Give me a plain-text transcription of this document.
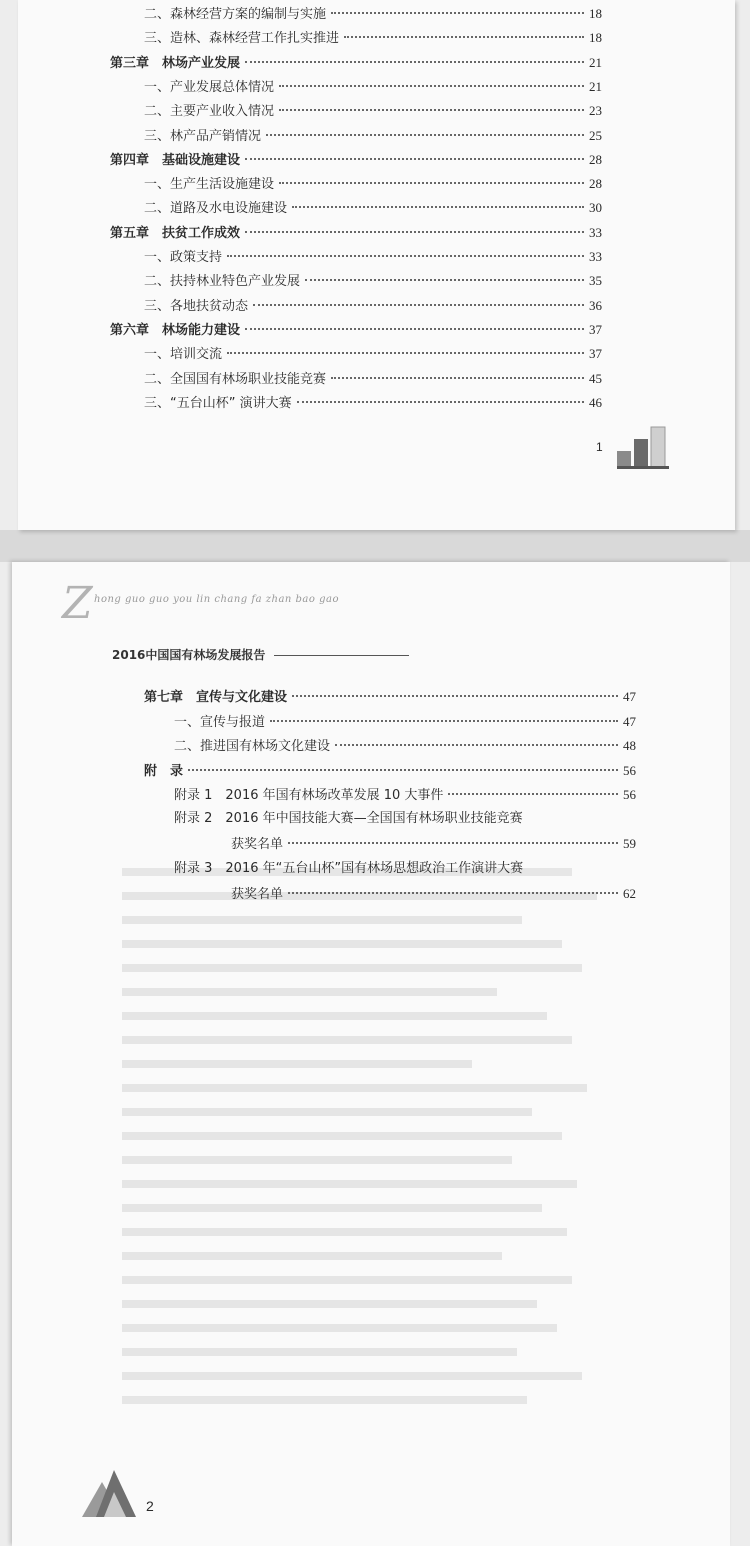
二、森林经营方案的编制与实施	18
三、造林、森林经营工作扎实推进	18
第三章　林场产业发展	21
一、产业发展总体情况	21
二、主要产业收入情况	23
三、林产品产销情况	25
第四章　基础设施建设	28
一、生产生活设施建设	28
二、道路及水电设施建设	30
第五章　扶贫工作成效	33
一、政策支持	33
二、扶持林业特色产业发展	35
三、各地扶贫动态	36
第六章　林场能力建设	37
一、培训交流	37
二、全国国有林场职业技能竞赛	45
三、“五台山杯” 演讲大赛	46
1
Z hong guo guo you lin chang fa zhan bao gao
2016中国国有林场发展报告
第七章　宣传与文化建设	47
一、宣传与报道	47
二、推进国有林场文化建设	48
附　录	56
附录 1　2016 年国有林场改革发展 10 大事件	56
附录 2　2016 年中国技能大赛—全国国有林场职业技能竞赛
获奖名单	59
附录 3　2016 年“五台山杯”国有林场思想政治工作演讲大赛
获奖名单	62
2
